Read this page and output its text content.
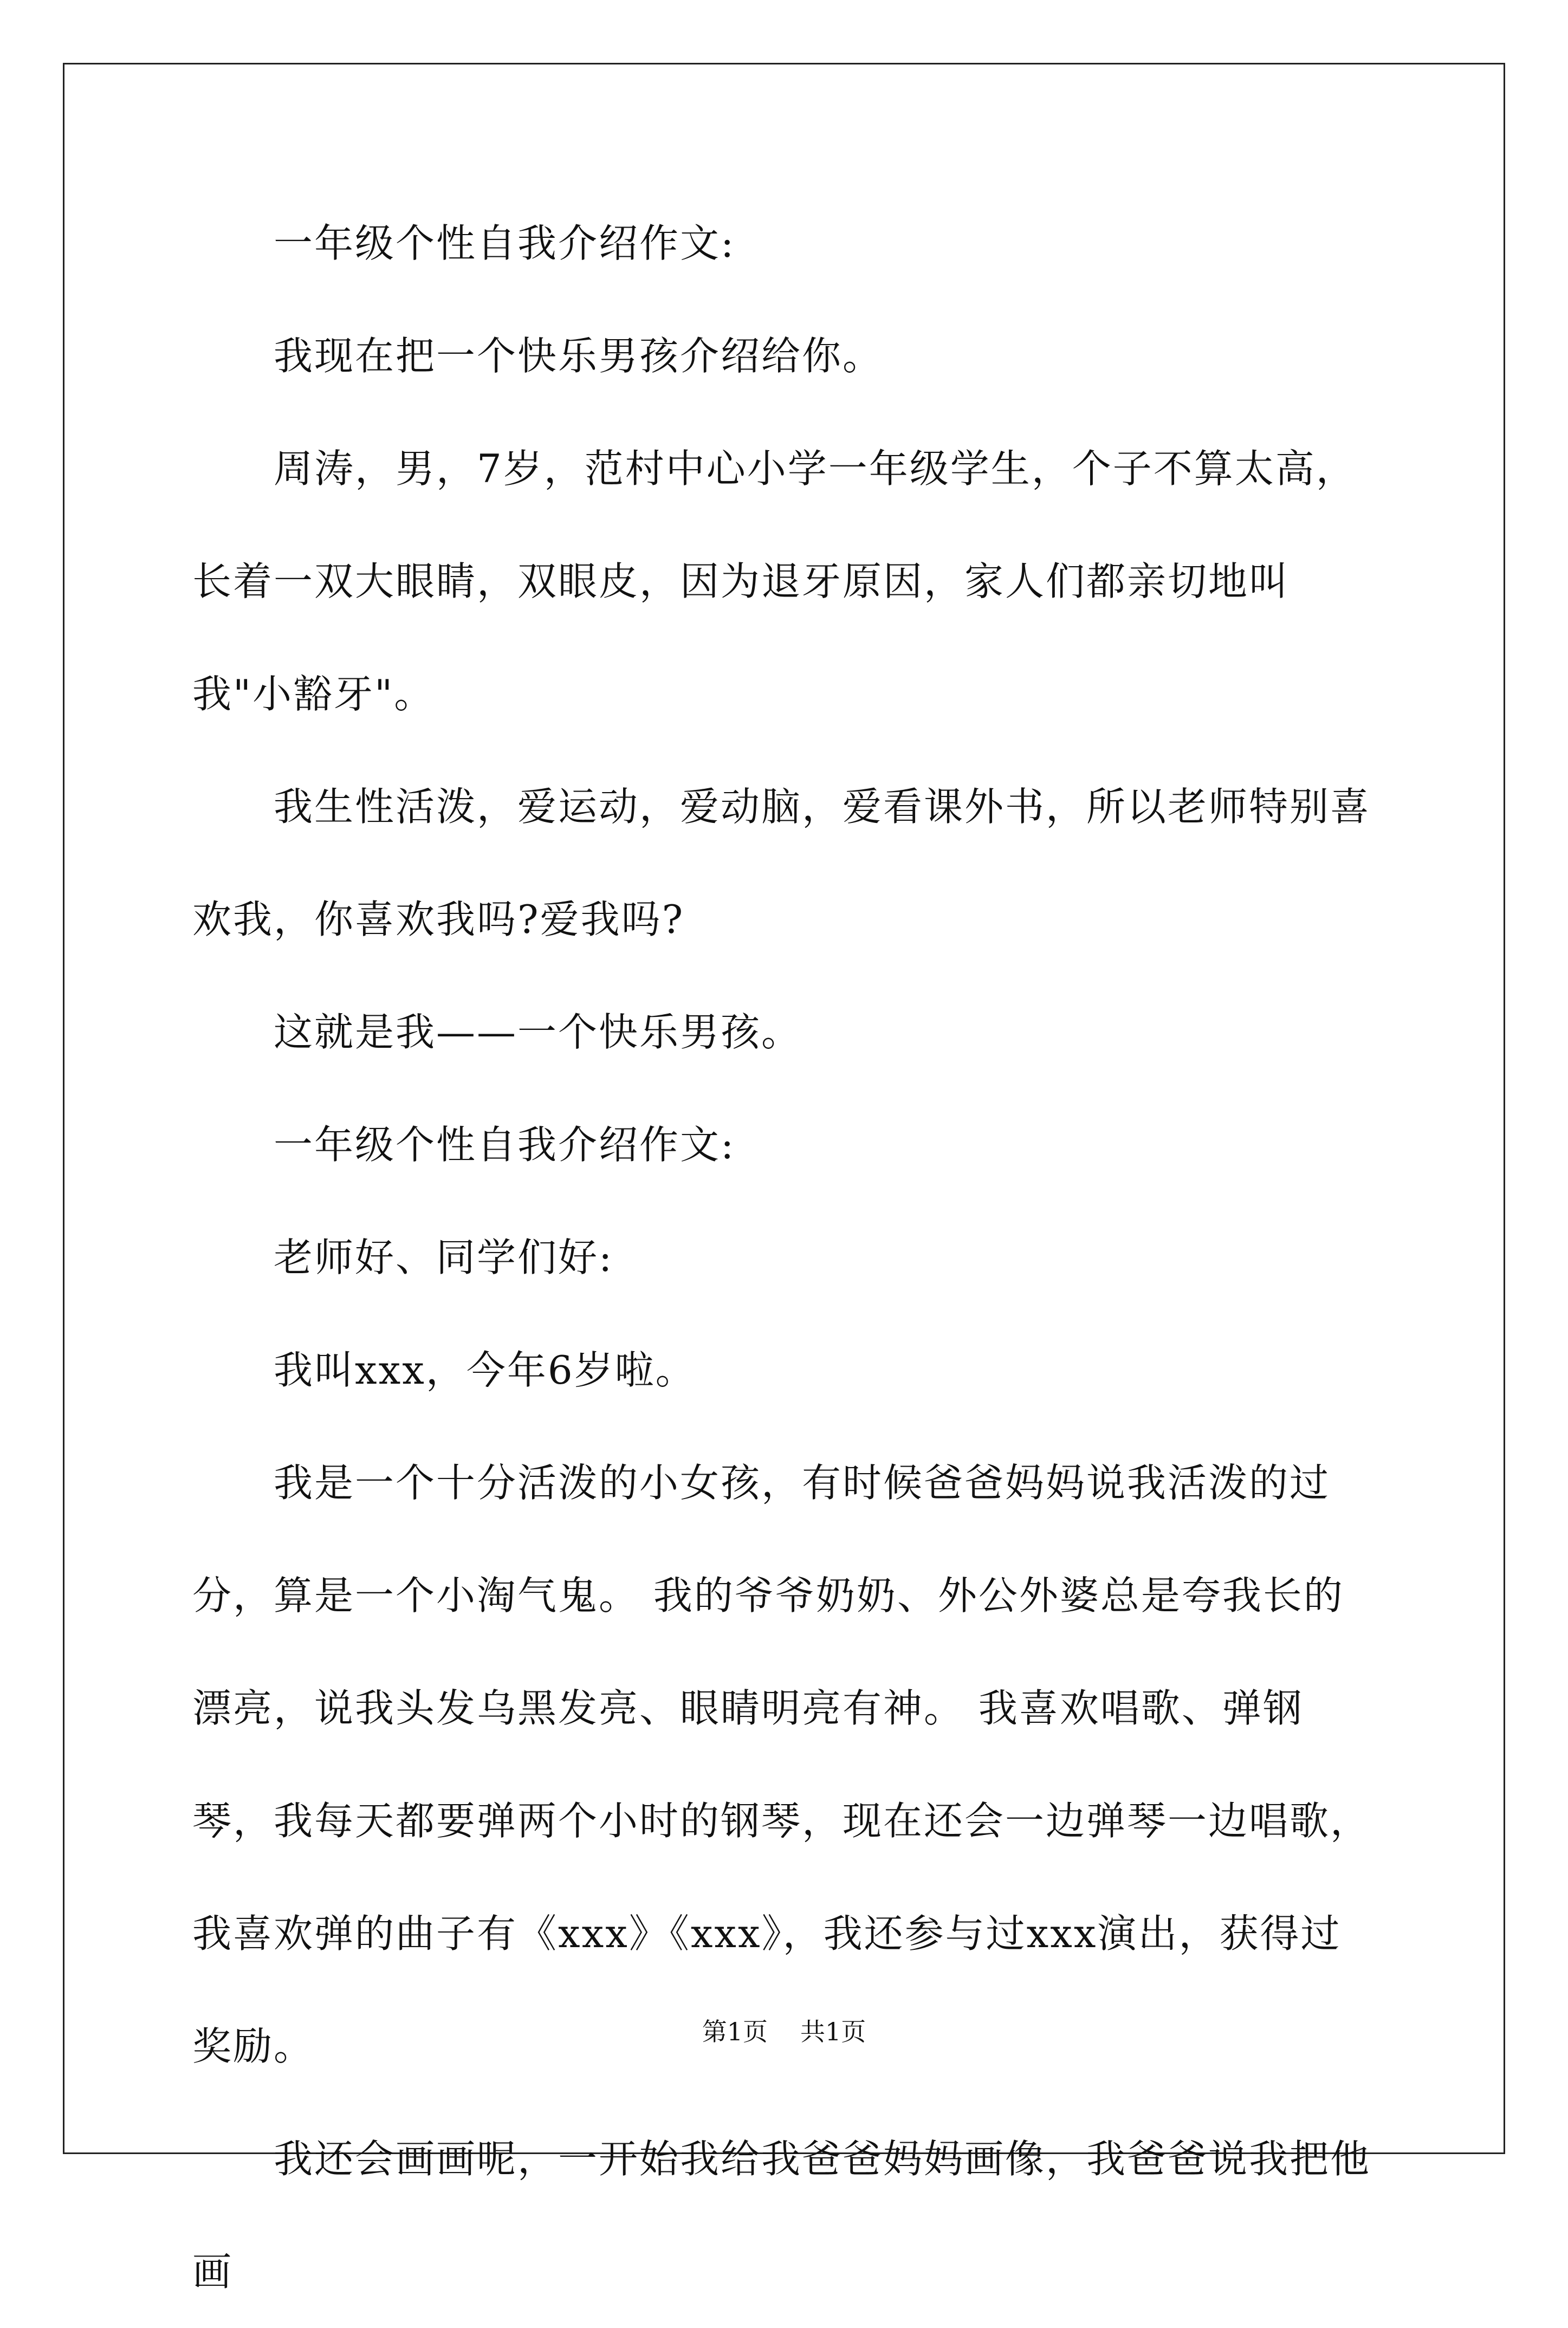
一年级个性自我介绍作文:

我现在把一个快乐男孩介绍给你。

周涛，男，7岁，范村中心小学一年级学生，个子不算太高，长着一双大眼睛，双眼皮，因为退牙原因，家人们都亲切地叫我"小豁牙"。

我生性活泼，爱运动，爱动脑，爱看课外书，所以老师特别喜欢我，你喜欢我吗?爱我吗?

这就是我——一个快乐男孩。

一年级个性自我介绍作文:

老师好、同学们好:

我叫xxx，今年6岁啦。

我是一个十分活泼的小女孩，有时候爸爸妈妈说我活泼的过分，算是一个小淘气鬼。 我的爷爷奶奶、外公外婆总是夸我长的漂亮，说我头发乌黑发亮、眼睛明亮有神。 我喜欢唱歌、弹钢琴，我每天都要弹两个小时的钢琴，现在还会一边弹琴一边唱歌，我喜欢弹的曲子有《xxx》《xxx》，我还参与过xxx演出，获得过奖励。

我还会画画呢，一开始我给我爸爸妈妈画像，我爸爸说我把他画

第1页 共1页
